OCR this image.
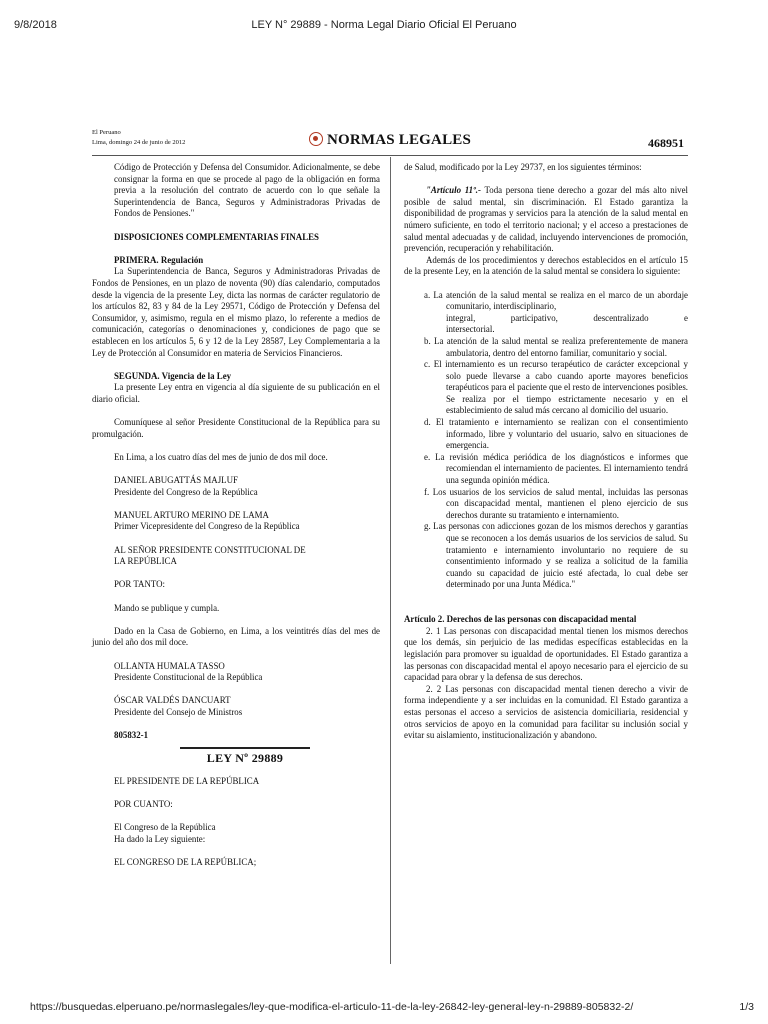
9/8/2018	LEY N° 29889 - Norma Legal Diario Oficial El Peruano
El Peruano
Lima, domingo 24 de junio de 2012	NORMAS LEGALES	468951

Código de Protección y Defensa del Consumidor. Adicionalmente, se debe consignar la forma en que se procede al pago de la obligación en forma previa a la resolución del contrato de acuerdo con lo que señale la Superintendencia de Banca, Seguros y Administradoras Privadas de Fondos de Pensiones."

DISPOSICIONES COMPLEMENTARIAS FINALES

PRIMERA. Regulación

La Superintendencia de Banca, Seguros y Administradoras Privadas de Fondos de Pensiones, en un plazo de noventa (90) días calendario, computados desde la vigencia de la presente Ley, dicta las normas de carácter regulatorio de los artículos 82, 83 y 84 de la Ley 29571, Código de Protección y Defensa del Consumidor, y, asimismo, regula en el mismo plazo, lo referente a medios de comunicación, categorías o denominaciones y, condiciones de pago que se establecen en los artículos 5, 6 y 12 de la Ley 28587, Ley Complementaria a la Ley de Protección al Consumidor en materia de Servicios Financieros.

SEGUNDA. Vigencia de la Ley

La presente Ley entra en vigencia al día siguiente de su publicación en el diario oficial.

Comuníquese al señor Presidente Constitucional de la República para su promulgación.

En Lima, a los cuatro días del mes de junio de dos mil doce.

DANIEL ABUGATTÁS MAJLUF

Presidente del Congreso de la República

MANUEL ARTURO MERINO DE LAMA

Primer Vicepresidente del Congreso de la República

AL SEÑOR PRESIDENTE CONSTITUCIONAL DE

LA REPÚBLICA

POR TANTO:

Mando se publique y cumpla.

Dado en la Casa de Gobierno, en Lima, a los veintitrés días del mes de junio del año dos mil doce.

OLLANTA HUMALA TASSO

Presidente Constitucional de la República

ÓSCAR VALDÉS DANCUART

Presidente del Consejo de Ministros

805832-1

LEY Nº 29889

EL PRESIDENTE DE LA REPÚBLICA

POR CUANTO:

El Congreso de la República

Ha dado la Ley siguiente:

EL CONGRESO DE LA REPÚBLICA;

de Salud, modificado por la Ley 29737, en los siguientes términos:

"Artículo 11º.- Toda persona tiene derecho a gozar del más alto nivel posible de salud mental, sin discriminación. El Estado garantiza la disponibilidad de programas y servicios para la atención de la salud mental en número suficiente, en todo el territorio nacional; y el acceso a prestaciones de salud mental adecuadas y de calidad, incluyendo intervenciones de promoción, prevención, recuperación y rehabilitación.

Además de los procedimientos y derechos establecidos en el artículo 15 de la presente Ley, en la atención de la salud mental se considera lo siguiente:

a. La atención de la salud mental se realiza en el marco de un abordaje comunitario, interdisciplinario,

integral,	participativo,	descentralizado	e

intersectorial.

b. La atención de la salud mental se realiza preferentemente de manera ambulatoria, dentro del entorno familiar, comunitario y social.

c. El internamiento es un recurso terapéutico de carácter excepcional y solo puede llevarse a cabo cuando aporte mayores beneficios terapéuticos para el paciente que el resto de intervenciones posibles. Se realiza por el tiempo estrictamente necesario y en el establecimiento de salud más cercano al domicilio del usuario.

d. El tratamiento e internamiento se realizan con el consentimiento informado, libre y voluntario del usuario, salvo en situaciones de emergencia.

e. La revisión médica periódica de los diagnósticos e informes que recomiendan el internamiento de pacientes. El internamiento tendrá una segunda opinión médica.

f. Los usuarios de los servicios de salud mental, incluidas las personas con discapacidad mental, mantienen el pleno ejercicio de sus derechos durante su tratamiento e internamiento.

g. Las personas con adicciones gozan de los mismos derechos y garantías que se reconocen a los demás usuarios de los servicios de salud. Su tratamiento e internamiento involuntario no requiere de su consentimiento informado y se realiza a solicitud de la familia cuando su capacidad de juicio esté afectada, lo cual debe ser determinado por una Junta Médica."

Artículo 2. Derechos de las personas con discapacidad mental

2. 1 Las personas con discapacidad mental tienen los mismos derechos que los demás, sin perjuicio de las medidas específicas establecidas en la legislación para promover su igualdad de oportunidades. El Estado garantiza a las personas con discapacidad mental el apoyo necesario para el ejercicio de su capacidad para obrar y la defensa de sus derechos.

2. 2 Las personas con discapacidad mental tienen derecho a vivir de forma independiente y a ser incluidas en la comunidad. El Estado garantiza a estas personas el acceso a servicios de asistencia domiciliaria, residencial y otros servicios de apoyo en la comunidad para facilitar su inclusión social y evitar su aislamiento, institucionalización y abandono.

https://busquedas.elperuano.pe/normaslegales/ley-que-modifica-el-articulo-11-de-la-ley-26842-ley-general-ley-n-29889-805832-2/	1/3
